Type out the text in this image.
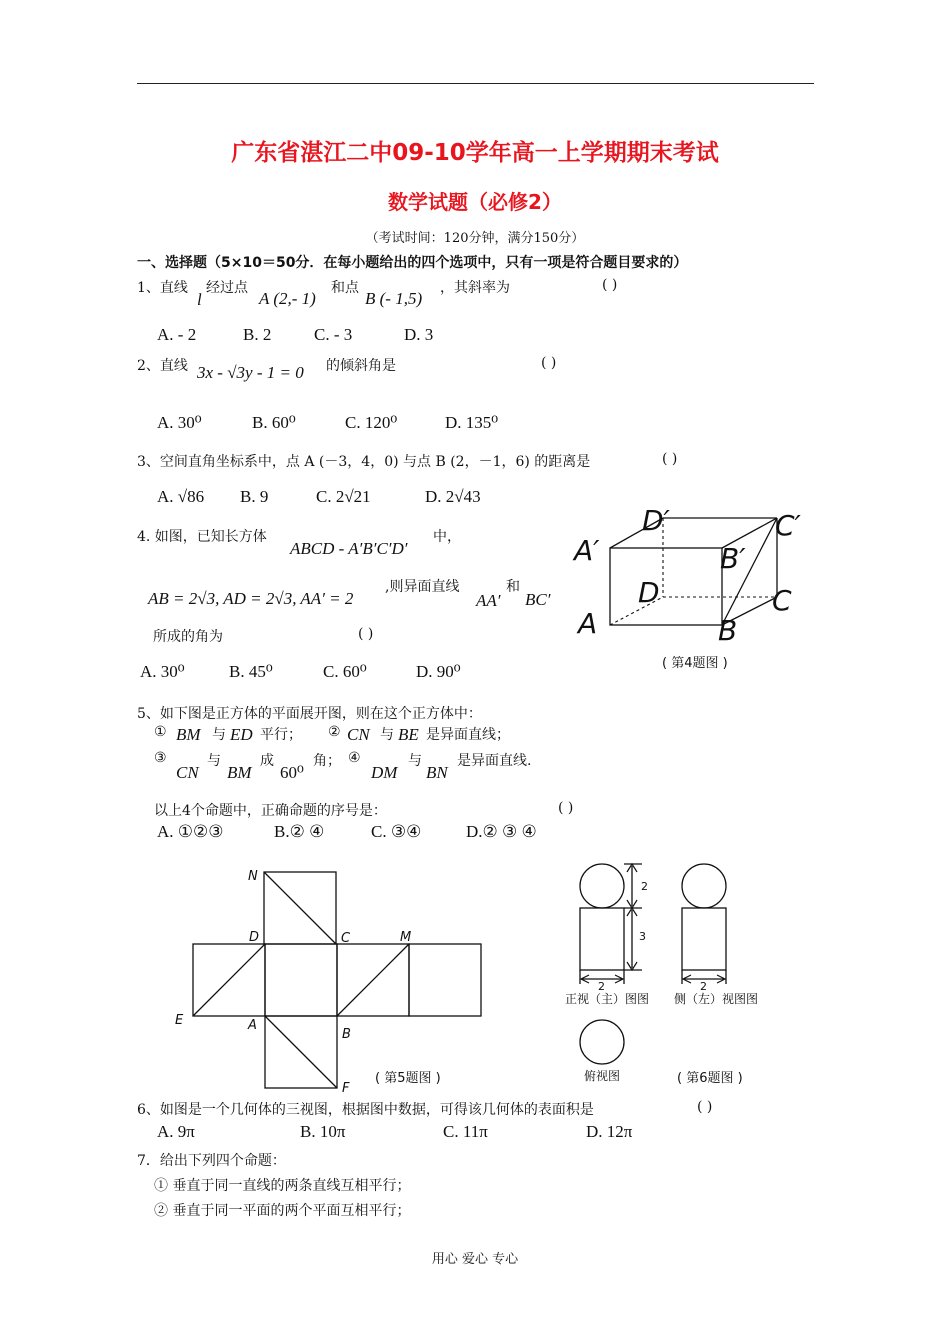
广东省湛江二中09-10学年高一上学期期末考试
数学试题（必修2）
（考试时间：120分钟，满分150分）
一、选择题（5×10＝50分．在每小题给出的四个选项中，只有一项是符合题目要求的）
1、直线
l
经过点
A (2,- 1)
和点
B (- 1,5)
，其斜率为	( )
A. - 2	B. 2	C. - 3	D. 3
2、直线 3x - √3y - 1 = 0 的倾斜角是	( )
A. 30⁰	B. 60⁰	C. 120⁰	D. 135⁰
3、空间直角坐标系中，点 A (－3，4，0) 与点 B (2，－1，6) 的距离是	( )
A. √86 B. 9	C. 2√21	D. 2√43
4. 如图，已知长方体
ABCD - A′B′C′D′
中，
AB = 2√3, AD = 2√3, AA′ = 2
,则异面直线
AA′
和
BC′
所成的角为	( )
A. 30⁰	B. 45⁰	C. 60⁰	D. 90⁰
D′
A′	B′
C′
D
A	B
C
( 第4题图 )
5、如下图是正方体的平面展开图，则在这个正方体中：
① BM 与 ED 平行； ② CN 与 BE 是异面直线；
③
CN
与
BM
成
60⁰
角； ④
DM
与
BN
是异面直线.
以上4个命题中，正确命题的序号是：	( )
A. ①②③	B.② ④	C. ③④	D.② ③ ④
N
D	C	M
E	A
B
F
( 第5题图 )
2
3
2	2
正视（主）图图 侧（左）视图图
俯视图	( 第6题图 )
6、如图是一个几何体的三视图，根据图中数据，可得该几何体的表面积是	( )
A. 9π	B. 10π	C. 11π	D. 12π
7．给出下列四个命题：
① 垂直于同一直线的两条直线互相平行；
② 垂直于同一平面的两个平面互相平行；
用心 爱心 专心
